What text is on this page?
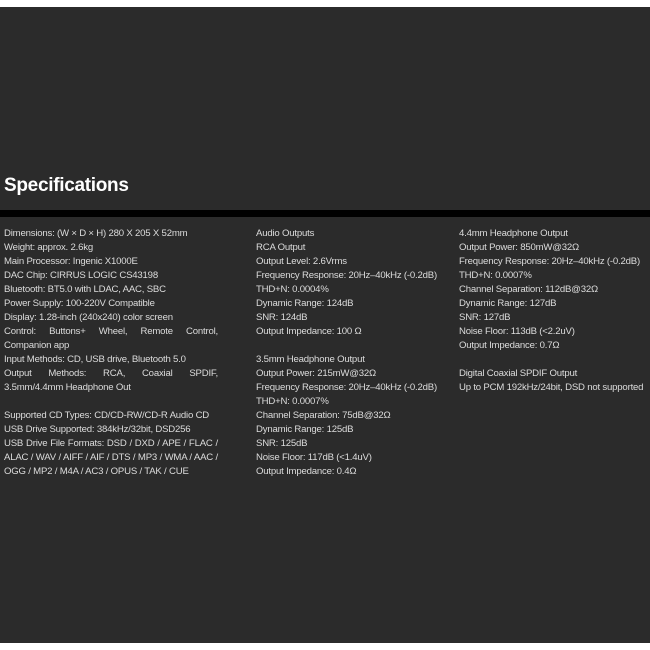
Specifications
Dimensions: (W × D × H) 280 X 205 X 52mm
Weight: approx. 2.6kg
Main Processor: Ingenic X1000E
DAC Chip: CIRRUS LOGIC CS43198
Bluetooth: BT5.0 with LDAC, AAC, SBC
Power Supply: 100-220V Compatible
Display: 1.28-inch (240x240) color screen
Control: Buttons+ Wheel, Remote Control, Companion app
Input Methods: CD, USB drive, Bluetooth 5.0
Output Methods: RCA, Coaxial SPDIF, 3.5mm/4.4mm Headphone Out
Supported CD Types: CD/CD-RW/CD-R Audio CD
USB Drive Supported: 384kHz/32bit, DSD256
USB Drive File Formats: DSD / DXD / APE / FLAC / ALAC / WAV / AIFF / AIF / DTS / MP3 / WMA / AAC / OGG / MP2 / M4A / AC3 / OPUS / TAK / CUE
Audio Outputs
RCA Output
Output Level: 2.6Vrms
Frequency Response: 20Hz–40kHz (-0.2dB)
THD+N: 0.0004%
Dynamic Range: 124dB
SNR: 124dB
Output Impedance: 100 Ω
3.5mm Headphone Output
Output Power: 215mW@32Ω
Frequency Response: 20Hz–40kHz (-0.2dB)
THD+N: 0.0007%
Channel Separation: 75dB@32Ω
Dynamic Range: 125dB
SNR: 125dB
Noise Floor: 117dB (<1.4uV)
Output Impedance: 0.4Ω
4.4mm Headphone Output
Output Power: 850mW@32Ω
Frequency Response: 20Hz–40kHz (-0.2dB)
THD+N: 0.0007%
Channel Separation: 112dB@32Ω
Dynamic Range: 127dB
SNR: 127dB
Noise Floor: 113dB (<2.2uV)
Output Impedance: 0.7Ω
Digital Coaxial SPDIF Output
Up to PCM 192kHz/24bit, DSD not supported
